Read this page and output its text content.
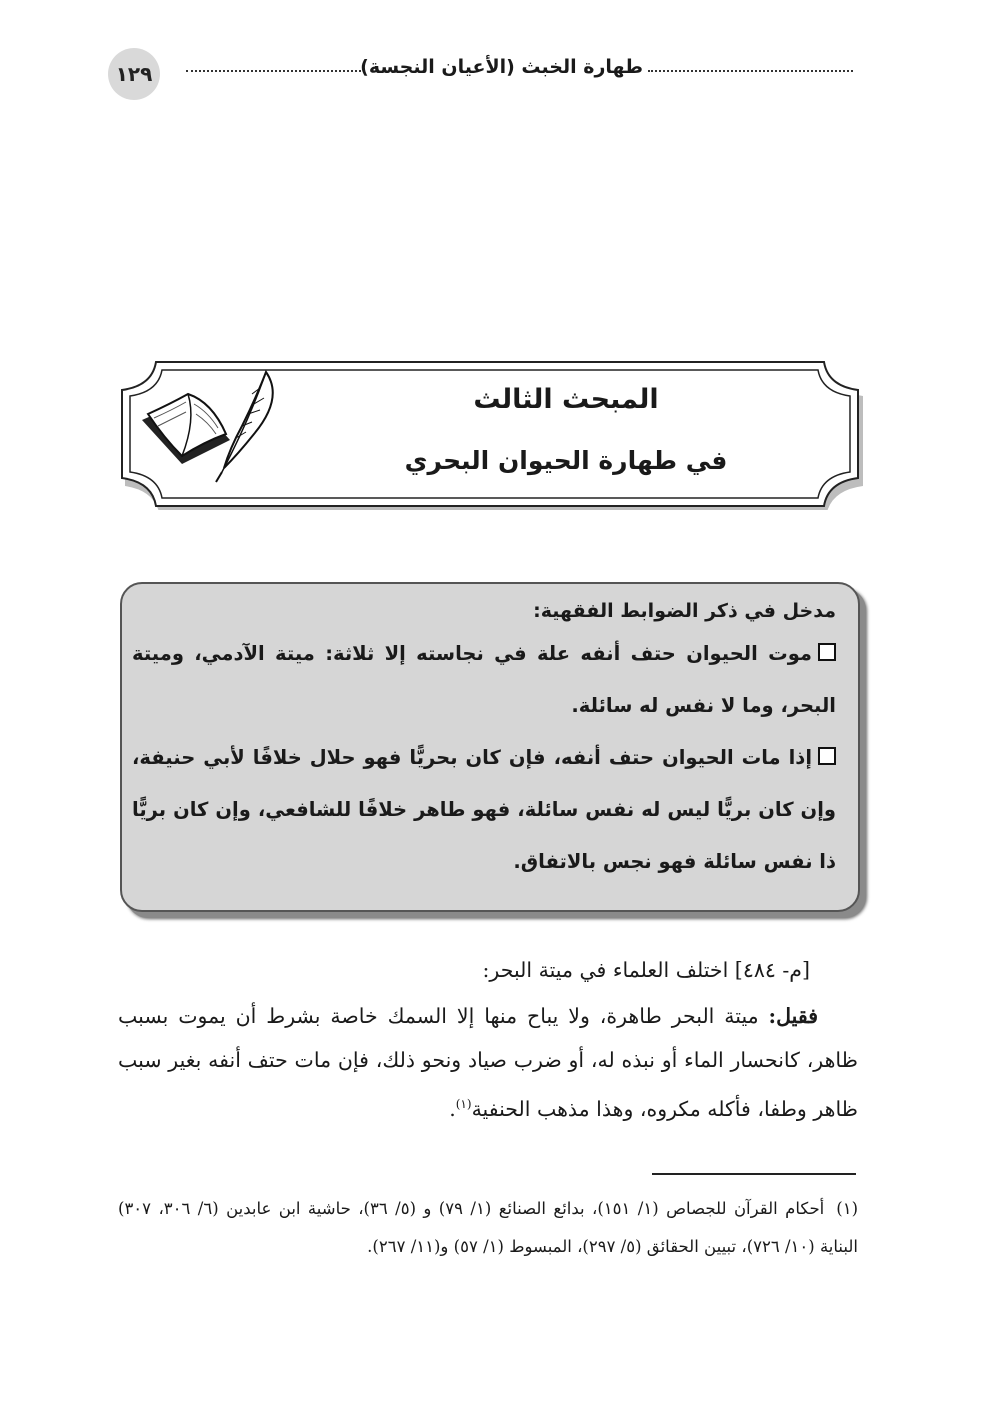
١٢٩	طهارة الخبث (الأعيان النجسة)
المبحث الثالث
في طهارة الحيوان البحري

مدخل في ذكر الضوابط الفقهية:

موت الحيوان حتف أنفه علة في نجاسته إلا ثلاثة: ميتة الآدمي، وميتة البحر، وما لا نفس له سائلة.

إذا مات الحيوان حتف أنفه، فإن كان بحريًّا فهو حلال خلافًا لأبي حنيفة، وإن كان بريًّا ليس له نفس سائلة، فهو طاهر خلافًا للشافعي، وإن كان بريًّا ذا نفس سائلة فهو نجس بالاتفاق.

[م- ٤٨٤] اختلف العلماء في ميتة البحر:

فقيل: ميتة البحر طاهرة، ولا يباح منها إلا السمك خاصة بشرط أن يموت بسبب ظاهر، كانحسار الماء أو نبذه له، أو ضرب صياد ونحو ذلك، فإن مات حتف أنفه بغير سبب ظاهر وطفا، فأكله مكروه، وهذا مذهب الحنفية$^{(١)}$.

(١)أحكام القرآن للجصاص (١/ ١٥١)، بدائع الصنائع (١/ ٧٩) و (٥/ ٣٦)، حاشية ابن عابدين (٦/ ٣٠٦، ٣٠٧) البناية (١٠/ ٧٢٦)، تبيين الحقائق (٥/ ٢٩٧)، المبسوط (١/ ٥٧) و(١١/ ٢٦٧).
